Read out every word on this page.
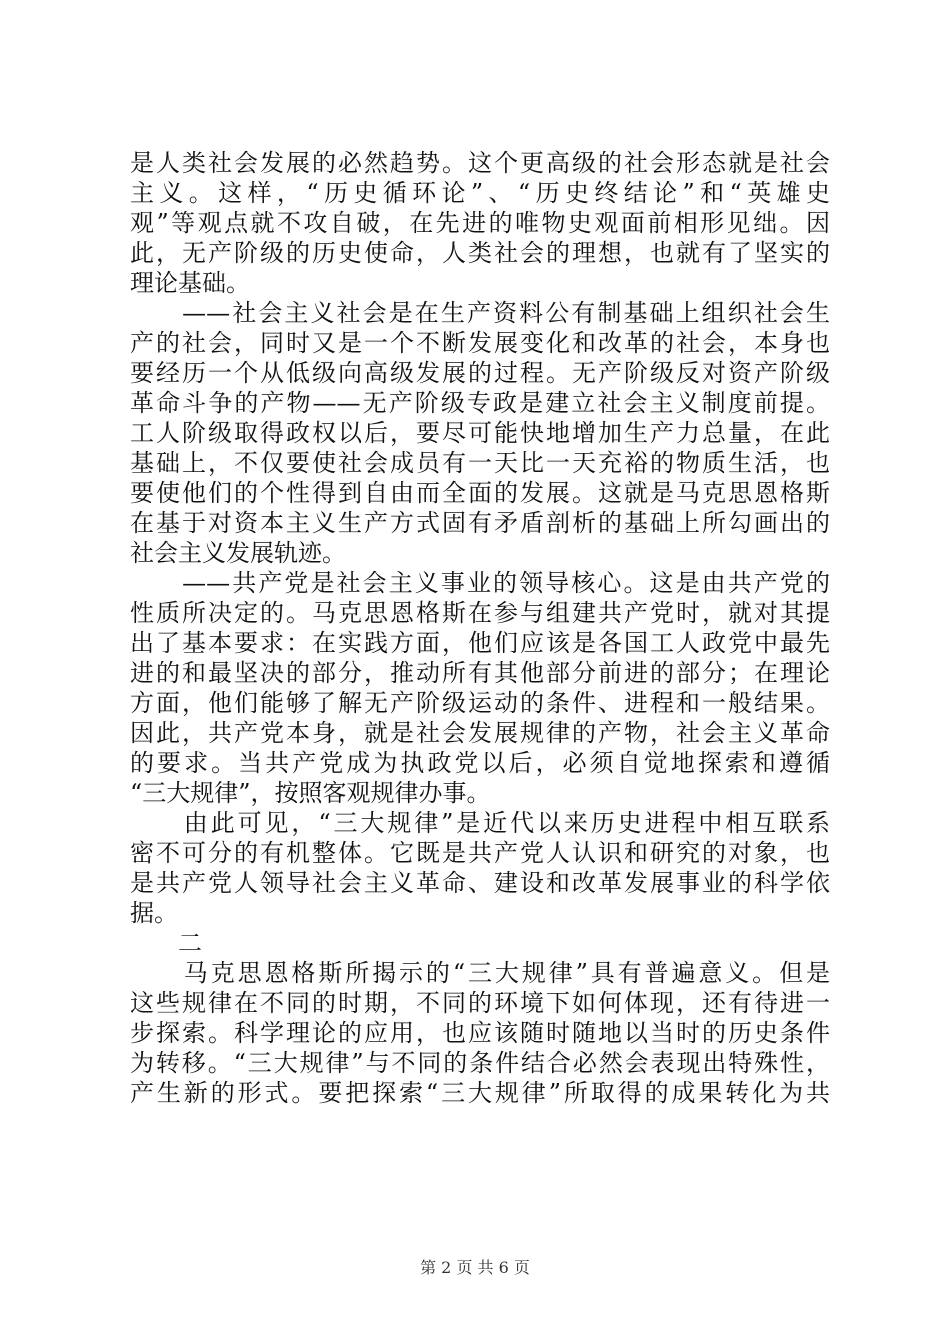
是人类社会发展的必然趋势。这个更高级的社会形态就是社会
主义。这样，“历史循环论”、“历史终结论”和“英雄史
观”等观点就不攻自破，在先进的唯物史观面前相形见绌。因
此，无产阶级的历史使命，人类社会的理想，也就有了坚实的
理论基础。
　　——社会主义社会是在生产资料公有制基础上组织社会生
产的社会，同时又是一个不断发展变化和改革的社会，本身也
要经历一个从低级向高级发展的过程。无产阶级反对资产阶级
革命斗争的产物——无产阶级专政是建立社会主义制度前提。
工人阶级取得政权以后，要尽可能快地增加生产力总量，在此
基础上，不仅要使社会成员有一天比一天充裕的物质生活，也
要使他们的个性得到自由而全面的发展。这就是马克思恩格斯
在基于对资本主义生产方式固有矛盾剖析的基础上所勾画出的
社会主义发展轨迹。
　　——共产党是社会主义事业的领导核心。这是由共产党的
性质所决定的。马克思恩格斯在参与组建共产党时，就对其提
出了基本要求：在实践方面，他们应该是各国工人政党中最先
进的和最坚决的部分，推动所有其他部分前进的部分；在理论
方面，他们能够了解无产阶级运动的条件、进程和一般结果。
因此，共产党本身，就是社会发展规律的产物，社会主义革命
的要求。当共产党成为执政党以后，必须自觉地探索和遵循
“三大规律”，按照客观规律办事。
　　由此可见，“三大规律”是近代以来历史进程中相互联系
密不可分的有机整体。它既是共产党人认识和研究的对象，也
是共产党人领导社会主义革命、建设和改革发展事业的科学依
据。
　　二
　　马克思恩格斯所揭示的“三大规律”具有普遍意义。但是
这些规律在不同的时期，不同的环境下如何体现，还有待进一
步探索。科学理论的应用，也应该随时随地以当时的历史条件
为转移。“三大规律”与不同的条件结合必然会表现出特殊性，
产生新的形式。要把探索“三大规律”所取得的成果转化为共
第 2 页 共 6 页
